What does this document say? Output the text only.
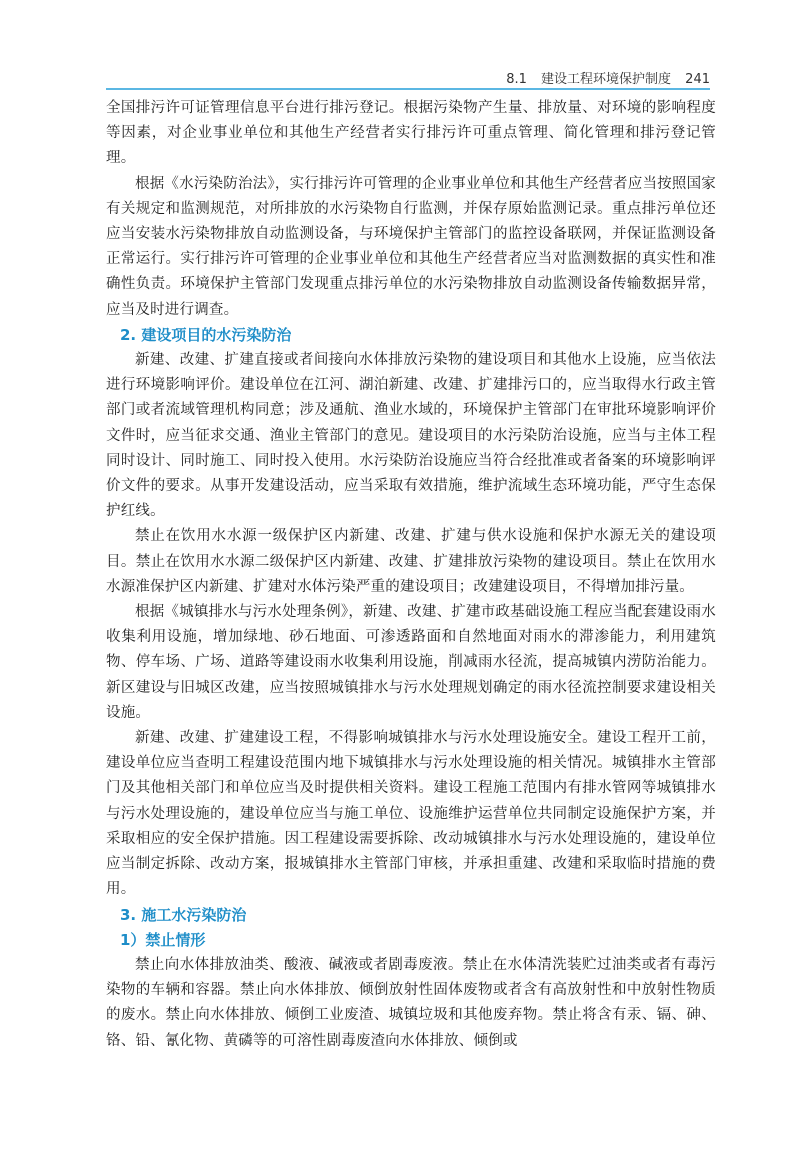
8.1 建设工程环境保护制度 241

全国排污许可证管理信息平台进行排污登记。根据污染物产生量、排放量、对环境的影响程度等因素，对企业事业单位和其他生产经营者实行排污许可重点管理、简化管理和排污登记管理。

根据《水污染防治法》，实行排污许可管理的企业事业单位和其他生产经营者应当按照国家有关规定和监测规范，对所排放的水污染物自行监测，并保存原始监测记录。重点排污单位还应当安装水污染物排放自动监测设备，与环境保护主管部门的监控设备联网，并保证监测设备正常运行。实行排污许可管理的企业事业单位和其他生产经营者应当对监测数据的真实性和准确性负责。环境保护主管部门发现重点排污单位的水污染物排放自动监测设备传输数据异常，应当及时进行调查。

2. 建设项目的水污染防治

新建、改建、扩建直接或者间接向水体排放污染物的建设项目和其他水上设施，应当依法进行环境影响评价。建设单位在江河、湖泊新建、改建、扩建排污口的，应当取得水行政主管部门或者流域管理机构同意；涉及通航、渔业水域的，环境保护主管部门在审批环境影响评价文件时，应当征求交通、渔业主管部门的意见。建设项目的水污染防治设施，应当与主体工程同时设计、同时施工、同时投入使用。水污染防治设施应当符合经批准或者备案的环境影响评价文件的要求。从事开发建设活动，应当采取有效措施，维护流域生态环境功能，严守生态保护红线。

禁止在饮用水水源一级保护区内新建、改建、扩建与供水设施和保护水源无关的建设项目。禁止在饮用水水源二级保护区内新建、改建、扩建排放污染物的建设项目。禁止在饮用水水源准保护区内新建、扩建对水体污染严重的建设项目；改建建设项目，不得增加排污量。

根据《城镇排水与污水处理条例》，新建、改建、扩建市政基础设施工程应当配套建设雨水收集利用设施，增加绿地、砂石地面、可渗透路面和自然地面对雨水的滞渗能力，利用建筑物、停车场、广场、道路等建设雨水收集利用设施，削减雨水径流，提高城镇内涝防治能力。新区建设与旧城区改建，应当按照城镇排水与污水处理规划确定的雨水径流控制要求建设相关设施。

新建、改建、扩建建设工程，不得影响城镇排水与污水处理设施安全。建设工程开工前，建设单位应当查明工程建设范围内地下城镇排水与污水处理设施的相关情况。城镇排水主管部门及其他相关部门和单位应当及时提供相关资料。建设工程施工范围内有排水管网等城镇排水与污水处理设施的，建设单位应当与施工单位、设施维护运营单位共同制定设施保护方案，并采取相应的安全保护措施。因工程建设需要拆除、改动城镇排水与污水处理设施的，建设单位应当制定拆除、改动方案，报城镇排水主管部门审核，并承担重建、改建和采取临时措施的费用。

3. 施工水污染防治
1）禁止情形

禁止向水体排放油类、酸液、碱液或者剧毒废液。禁止在水体清洗装贮过油类或者有毒污染物的车辆和容器。禁止向水体排放、倾倒放射性固体废物或者含有高放射性和中放射性物质的废水。禁止向水体排放、倾倒工业废渣、城镇垃圾和其他废弃物。禁止将含有汞、镉、砷、铬、铅、氰化物、黄磷等的可溶性剧毒废渣向水体排放、倾倒或
